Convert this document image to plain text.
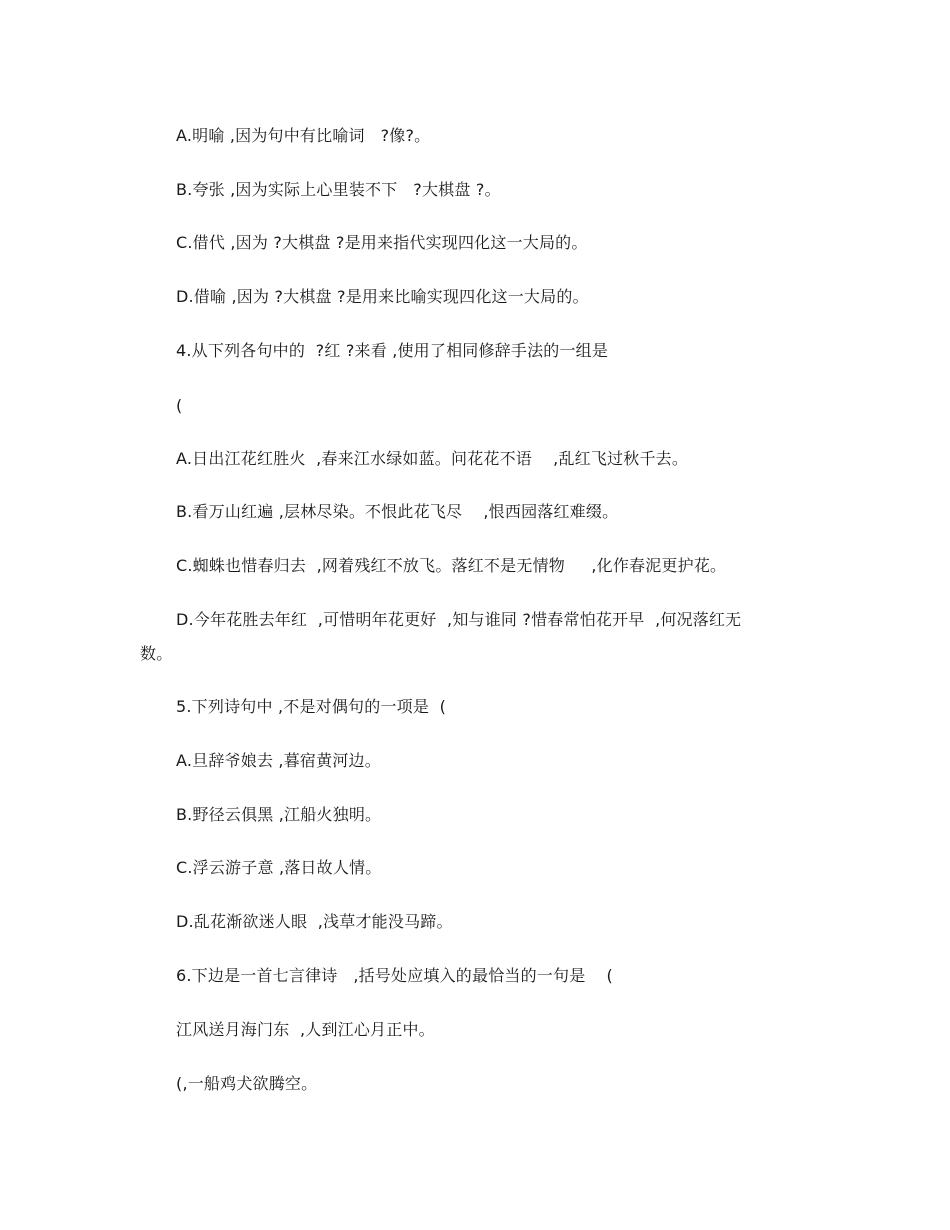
A.明喻 ,因为句中有比喻词   ?像?。
B.夸张 ,因为实际上心里装不下   ?大棋盘 ?。
C.借代 ,因为 ?大棋盘 ?是用来指代实现四化这一大局的。
D.借喻 ,因为 ?大棋盘 ?是用来比喻实现四化这一大局的。
4.从下列各句中的  ?红 ?来看 ,使用了相同修辞手法的一组是
(
A.日出江花红胜火  ,春来江水绿如蓝。问花花不语    ,乱红飞过秋千去。
B.看万山红遍 ,层林尽染。不恨此花飞尽    ,恨西园落红难缀。
C.蜘蛛也惜春归去  ,网着残红不放飞。落红不是无情物     ,化作春泥更护花。
D.今年花胜去年红  ,可惜明年花更好  ,知与谁同 ?惜春常怕花开早  ,何况落红无
数。
5.下列诗句中 ,不是对偶句的一项是  (
A.旦辞爷娘去 ,暮宿黄河边。
B.野径云俱黑 ,江船火独明。
C.浮云游子意 ,落日故人情。
D.乱花渐欲迷人眼  ,浅草才能没马蹄。
6.下边是一首七言律诗   ,括号处应填入的最恰当的一句是    (
江风送月海门东  ,人到江心月正中。
(,一船鸡犬欲腾空。
